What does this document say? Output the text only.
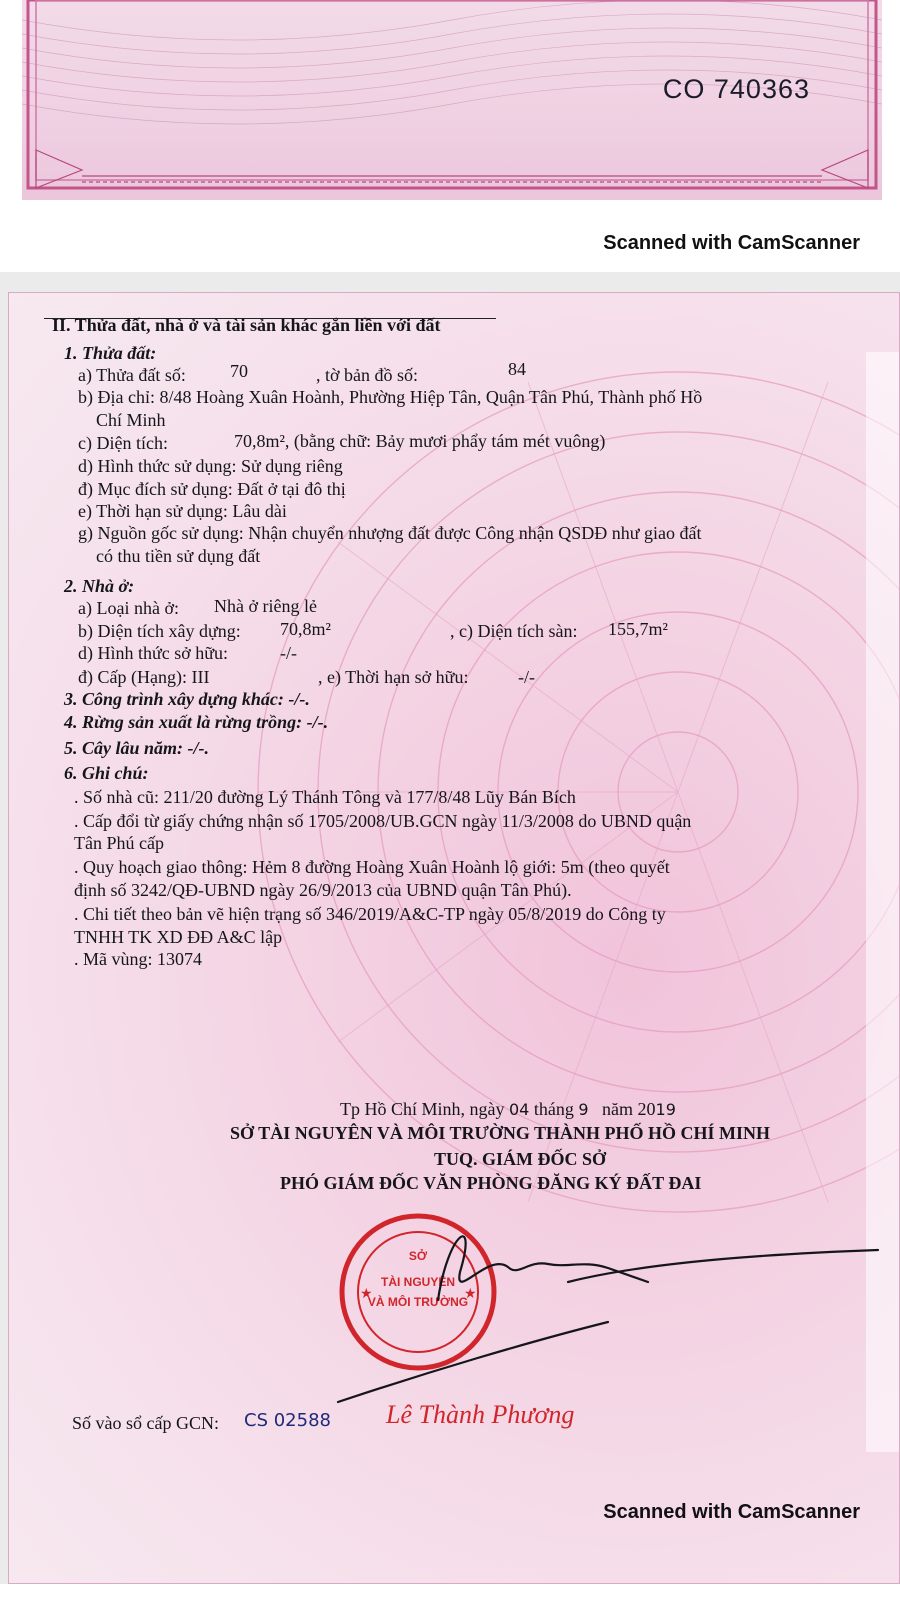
CO 740363
Scanned with CamScanner
II. Thửa đất, nhà ở và tài sản khác gắn liền với đất
1. Thửa đất:
a) Thửa đất số: 70	, tờ bản đồ số:	84
b) Địa chỉ: 8/48 Hoàng Xuân Hoành, Phường Hiệp Tân, Quận Tân Phú, Thành phố Hồ
Chí Minh
c) Diện tích:	70,8m², (bằng chữ: Bảy mươi phẩy tám mét vuông)
d) Hình thức sử dụng: Sử dụng riêng
đ) Mục đích sử dụng: Đất ở tại đô thị
e) Thời hạn sử dụng: Lâu dài
g) Nguồn gốc sử dụng: Nhận chuyển nhượng đất được Công nhận QSDĐ như giao đất
có thu tiền sử dụng đất
2. Nhà ở:
a) Loại nhà ở: Nhà ở riêng lẻ
b) Diện tích xây dựng: 70,8m²	, c) Diện tích sàn: 155,7m²
d) Hình thức sở hữu:	-/-
đ) Cấp (Hạng): III	, e) Thời hạn sở hữu:	-/-
3. Công trình xây dựng khác: -/-.
4. Rừng sản xuất là rừng trồng: -/-.
5. Cây lâu năm: -/-.
6. Ghi chú:
. Số nhà cũ: 211/20 đường Lý Thánh Tông và 177/8/48 Lũy Bán Bích
. Cấp đổi từ giấy chứng nhận số 1705/2008/UB.GCN ngày 11/3/2008 do UBND quận
Tân Phú cấp
. Quy hoạch giao thông: Hẻm 8 đường Hoàng Xuân Hoành lộ giới: 5m (theo quyết
định số 3242/QĐ-UBND ngày 26/9/2013 của UBND quận Tân Phú).
. Chi tiết theo bản vẽ hiện trạng số 346/2019/A&C-TP ngày 05/8/2019 do Công ty
TNHH TK XD ĐĐ A&C lập
. Mã vùng: 13074
Tp Hồ Chí Minh, ngày 04 tháng 9 năm 2019
SỞ TÀI NGUYÊN VÀ MÔI TRƯỜNG THÀNH PHỐ HỒ CHÍ MINH
TUQ. GIÁM ĐỐC SỞ
PHÓ GIÁM ĐỐC VĂN PHÒNG ĐĂNG KÝ ĐẤT ĐAI
SỞ
TÀI NGUYÊN
VÀ MÔI TRƯỜNG
★	★
Số vào sổ cấp GCN: CS 02588 Lê Thành Phương
Scanned with CamScanner
